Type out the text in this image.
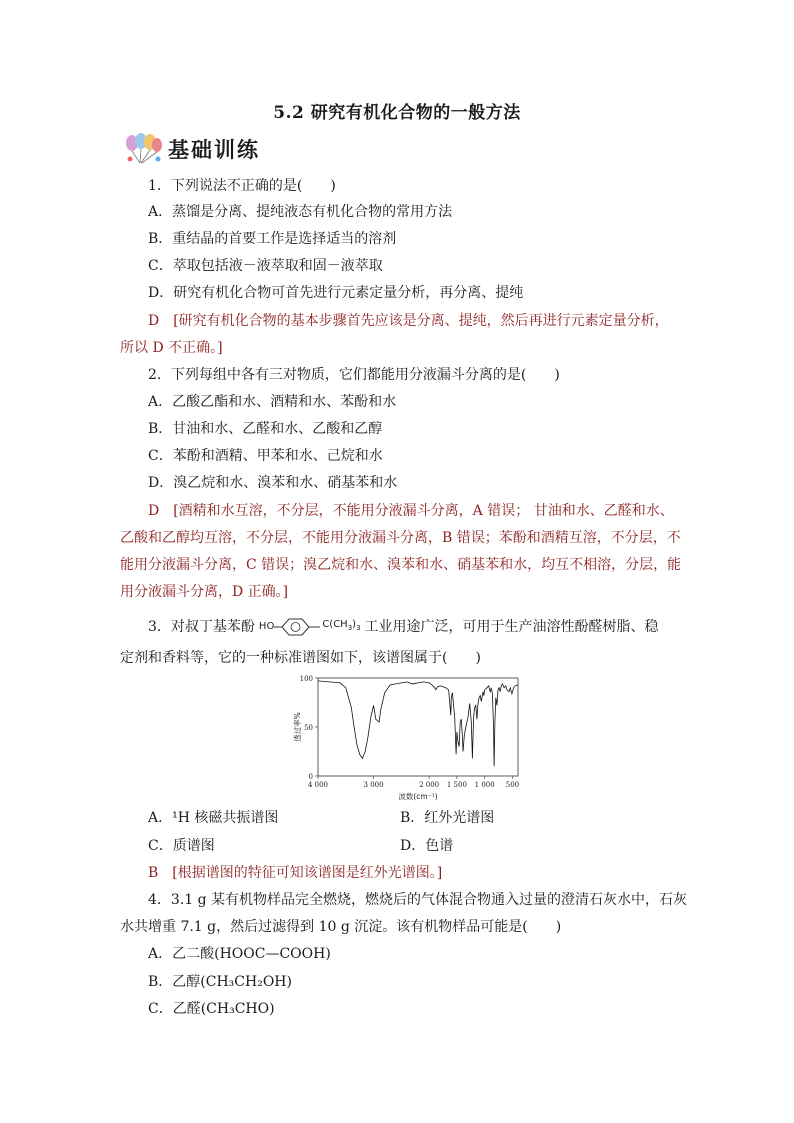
5.2 研究有机化合物的一般方法
基础训练
1．下列说法不正确的是(　　)
A．蒸馏是分离、提纯液态有机化合物的常用方法
B．重结晶的首要工作是选择适当的溶剂
C．萃取包括液－液萃取和固－液萃取
D．研究有机化合物可首先进行元素定量分析，再分离、提纯
D　[研究有机化合物的基本步骤首先应该是分离、提纯，然后再进行元素定量分析，
所以 D 不正确。]
2．下列每组中各有三对物质，它们都能用分液漏斗分离的是(　　)
A．乙酸乙酯和水、酒精和水、苯酚和水
B．甘油和水、乙醛和水、乙酸和乙醇
C．苯酚和酒精、甲苯和水、己烷和水
D．溴乙烷和水、溴苯和水、硝基苯和水
D　[酒精和水互溶，不分层，不能用分液漏斗分离，A 错误； 甘油和水、乙醛和水、
乙酸和乙醇均互溶，不分层，不能用分液漏斗分离，B 错误；苯酚和酒精互溶，不分层，不
能用分液漏斗分离，C 错误；溴乙烷和水、溴苯和水、硝基苯和水，均互不相溶，分层，能
用分液漏斗分离，D 正确。]
3．对叔丁基苯酚 HO	$C(CH_3)_3$ 工业用途广泛，可用于生产油溶性酚醛树脂、稳
定剂和香料等，它的一种标准谱图如下，该谱图属于(　　)
0
50
100
4 000	3 000	2 000 1 500 1 000 500
波数(cm⁻¹)
透过率%
A．¹H 核磁共振谱图	B．红外光谱图
C．质谱图	D．色谱
B　[根据谱图的特征可知该谱图是红外光谱图。]
4．3.1 g 某有机物样品完全燃烧，燃烧后的气体混合物通入过量的澄清石灰水中，石灰
水共增重 7.1 g，然后过滤得到 10 g 沉淀。该有机物样品可能是(　　)
A．乙二酸(HOOC—COOH)
B．乙醇(CH₃CH₂OH)
C．乙醛(CH₃CHO)
